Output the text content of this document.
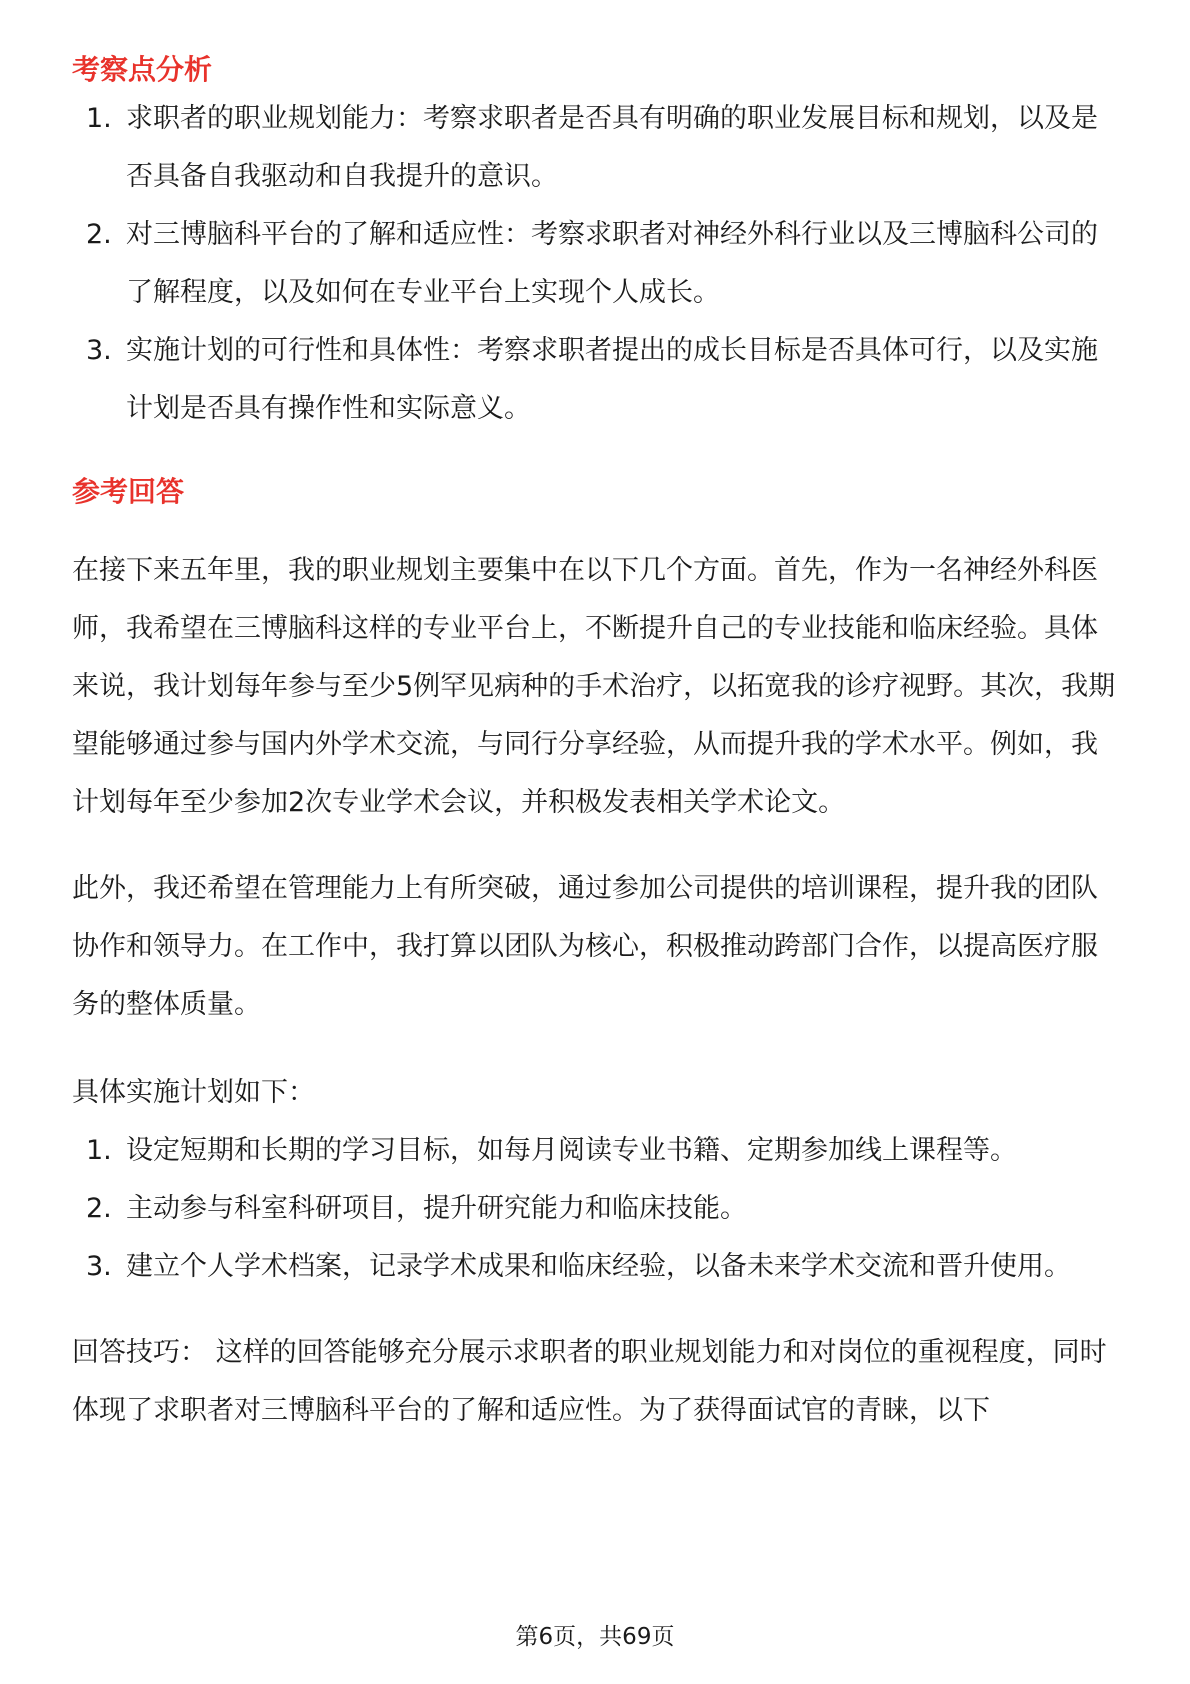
考察点分析
1. 求职者的职业规划能力：考察求职者是否具有明确的职业发展目标和规划，以及是否具备自我驱动和自我提升的意识。
2. 对三博脑科平台的了解和适应性：考察求职者对神经外科行业以及三博脑科公司的了解程度，以及如何在专业平台上实现个人成长。
3. 实施计划的可行性和具体性：考察求职者提出的成长目标是否具体可行，以及实施计划是否具有操作性和实际意义。
参考回答

在接下来五年里，我的职业规划主要集中在以下几个方面。首先，作为一名神经外科医师，我希望在三博脑科这样的专业平台上，不断提升自己的专业技能和临床经验。具体来说，我计划每年参与至少5例罕见病种的手术治疗，以拓宽我的诊疗视野。其次，我期望能够通过参与国内外学术交流，与同行分享经验，从而提升我的学术水平。例如，我计划每年至少参加2次专业学术会议，并积极发表相关学术论文。

此外，我还希望在管理能力上有所突破，通过参加公司提供的培训课程，提升我的团队协作和领导力。在工作中，我打算以团队为核心，积极推动跨部门合作，以提高医疗服务的整体质量。

具体实施计划如下：

1. 设定短期和长期的学习目标，如每月阅读专业书籍、定期参加线上课程等。
2. 主动参与科室科研项目，提升研究能力和临床技能。
3. 建立个人学术档案，记录学术成果和临床经验，以备未来学术交流和晋升使用。

回答技巧： 这样的回答能够充分展示求职者的职业规划能力和对岗位的重视程度，同时体现了求职者对三博脑科平台的了解和适应性。为了获得面试官的青睐，以下

第6页，共69页
